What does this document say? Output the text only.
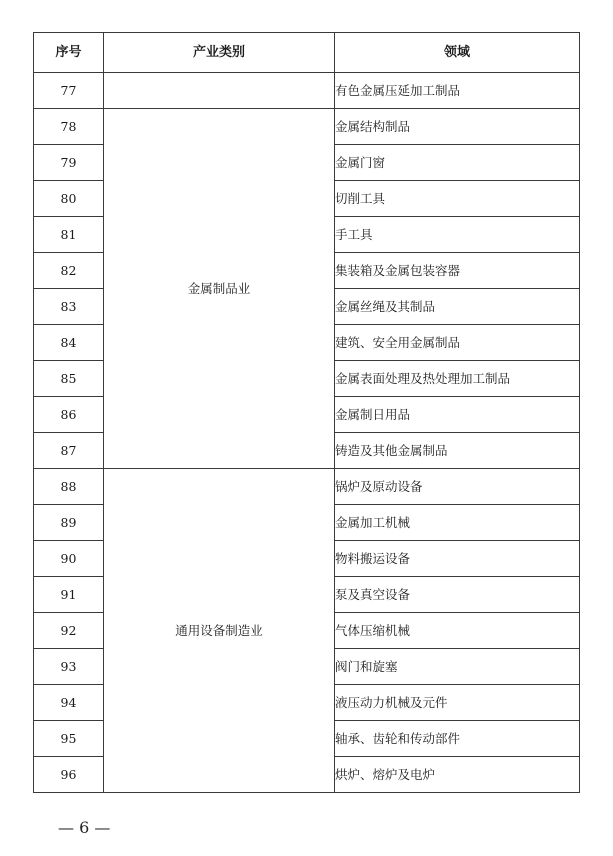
序号	产业类别	领域
77		有色金属压延加工制品
78	金属制品业	金属结构制品
79		金属门窗
80		切削工具
81		手工具
82		集装箱及金属包装容器
83		金属丝绳及其制品
84		建筑、安全用金属制品
85		金属表面处理及热处理加工制品
86		金属制日用品
87		铸造及其他金属制品
88	通用设备制造业	锅炉及原动设备
89		金属加工机械
90		物料搬运设备
91		泵及真空设备
92		气体压缩机械
93		阀门和旋塞
94		液压动力机械及元件
95		轴承、齿轮和传动部件
96		烘炉、熔炉及电炉
— 6 —
